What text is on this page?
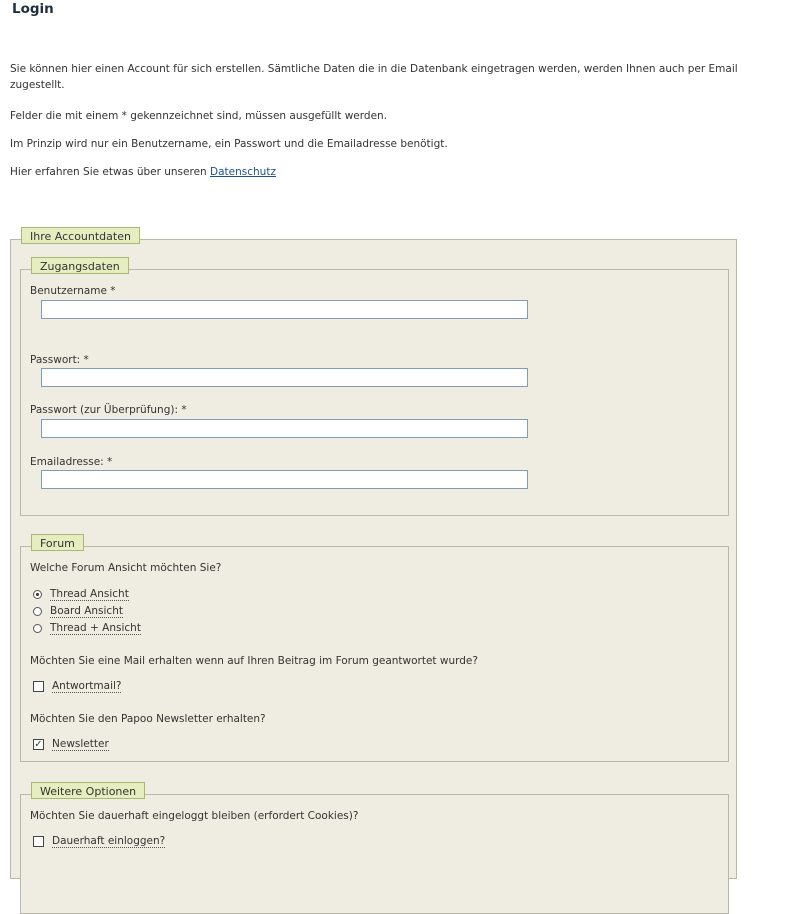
Login

Sie können hier einen Account für sich erstellen. Sämtliche Daten die in die Datenbank eingetragen werden, werden Ihnen auch per Email zugestellt.

Felder die mit einem * gekennzeichnet sind, müssen ausgefüllt werden.

Im Prinzip wird nur ein Benutzername, ein Passwort und die Emailadresse benötigt.

Hier erfahren Sie etwas über unseren Datenschutz

Ihre Accountdaten
Zugangsdaten
Benutzername *
Passwort: *
Passwort (zur Überprüfung): *
Emailadresse: *
Forum
Welche Forum Ansicht möchten Sie?
Thread Ansicht
Board Ansicht
Thread + Ansicht
Möchten Sie eine Mail erhalten wenn auf Ihren Beitrag im Forum geantwortet wurde?
Antwortmail?
Möchten Sie den Papoo Newsletter erhalten?
✓ Newsletter
Weitere Optionen
Möchten Sie dauerhaft eingeloggt bleiben (erfordert Cookies)?
Dauerhaft einloggen?
